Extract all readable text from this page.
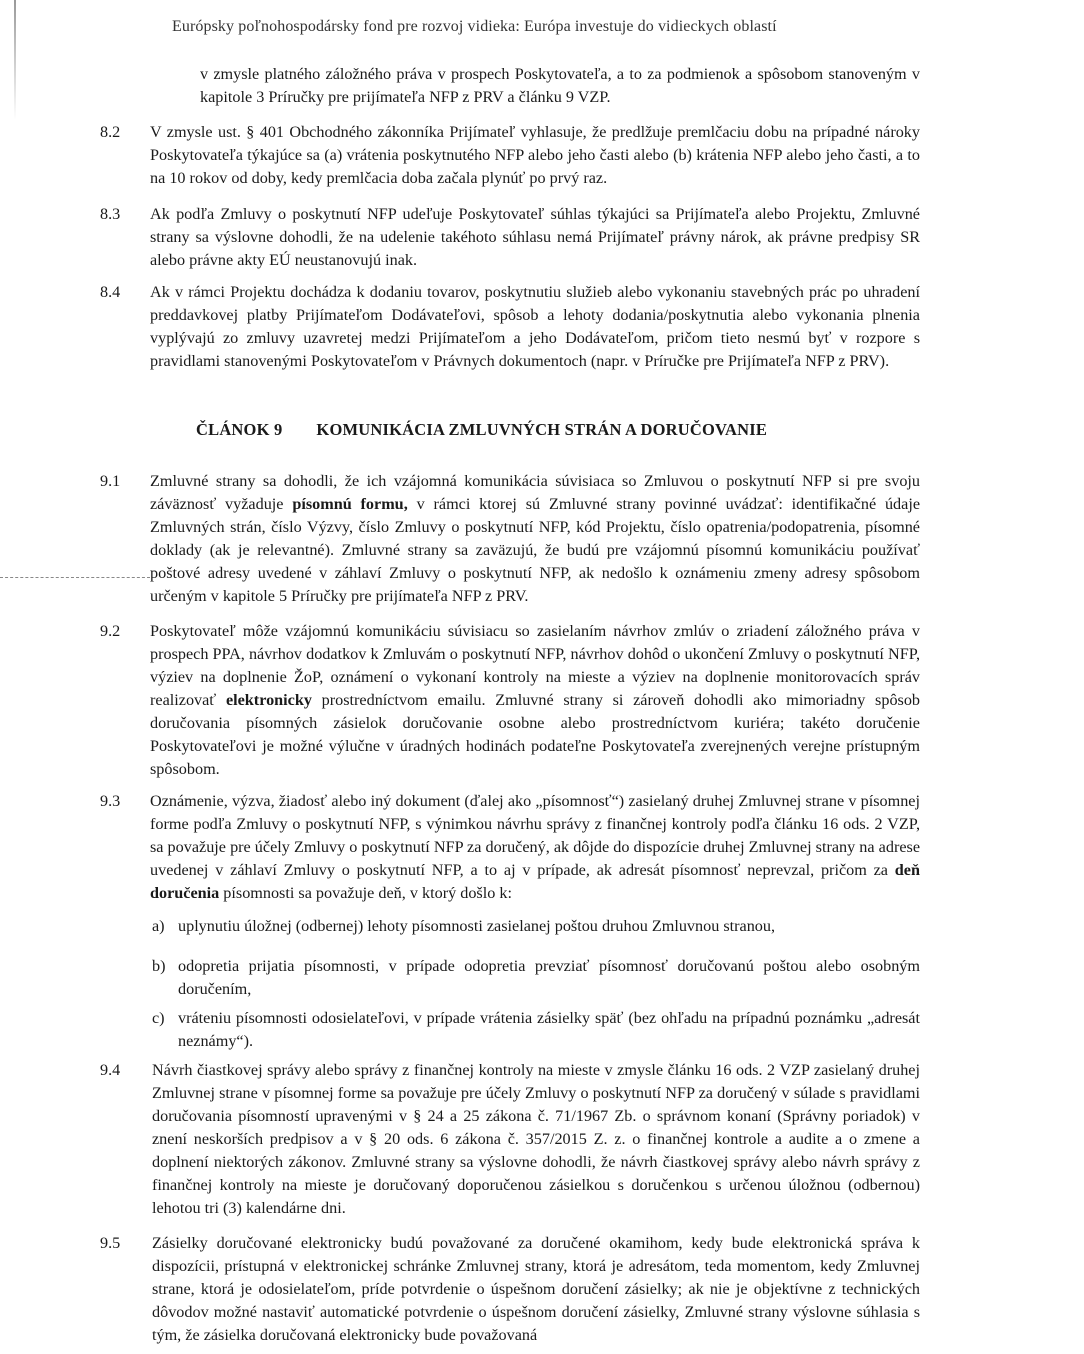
Európsky poľnohospodársky fond pre rozvoj vidieka: Európa investuje do vidieckych oblastí
v zmysle platného záložného práva v prospech Poskytovateľa, a to za podmienok a spôsobom stanoveným v kapitole 3 Príručky pre prijímateľa NFP z PRV a článku 9 VZP.
8.2 V zmysle ust. § 401 Obchodného zákonníka Prijímateľ vyhlasuje, že predlžuje premlčaciu dobu na prípadné nároky Poskytovateľa týkajúce sa (a) vrátenia poskytnutého NFP alebo jeho časti alebo (b) krátenia NFP alebo jeho časti, a to na 10 rokov od doby, kedy premlčacia doba začala plynúť po prvý raz.
8.3 Ak podľa Zmluvy o poskytnutí NFP udeľuje Poskytovateľ súhlas týkajúci sa Prijímateľa alebo Projektu, Zmluvné strany sa výslovne dohodli, že na udelenie takéhoto súhlasu nemá Prijímateľ právny nárok, ak právne predpisy SR alebo právne akty EÚ neustanovujú inak.
8.4 Ak v rámci Projektu dochádza k dodaniu tovarov, poskytnutiu služieb alebo vykonaniu stavebných prác po uhradení preddavkovej platby Prijímateľom Dodávateľovi, spôsob a lehoty dodania/poskytnutia alebo vykonania plnenia vyplývajú zo zmluvy uzavretej medzi Prijímateľom a jeho Dodávateľom, pričom tieto nesmú byť v rozpore s pravidlami stanovenými Poskytovateľom v Právnych dokumentoch (napr. v Príručke pre Prijímateľa NFP z PRV).
ČLÁNOK 9 KOMUNIKÁCIA ZMLUVNÝCH STRÁN A DORUČOVANIE
9.1 Zmluvné strany sa dohodli, že ich vzájomná komunikácia súvisiaca so Zmluvou o poskytnutí NFP si pre svoju záväznosť vyžaduje písomnú formu, v rámci ktorej sú Zmluvné strany povinné uvádzať: identifikačné údaje Zmluvných strán, číslo Výzvy, číslo Zmluvy o poskytnutí NFP, kód Projektu, číslo opatrenia/podopatrenia, písomné doklady (ak je relevantné). Zmluvné strany sa zaväzujú, že budú pre vzájomnú písomnú komunikáciu používať poštové adresy uvedené v záhlaví Zmluvy o poskytnutí NFP, ak nedošlo k oznámeniu zmeny adresy spôsobom určeným v kapitole 5 Príručky pre prijímateľa NFP z PRV.
9.2 Poskytovateľ môže vzájomnú komunikáciu súvisiacu so zasielaním návrhov zmlúv o zriadení záložného práva v prospech PPA, návrhov dodatkov k Zmluvám o poskytnutí NFP, návrhov dohôd o ukončení Zmluvy o poskytnutí NFP, výziev na doplnenie ŽoP, oznámení o vykonaní kontroly na mieste a výziev na doplnenie monitorovacích správ realizovať elektronicky prostredníctvom emailu. Zmluvné strany si zároveň dohodli ako mimoriadny spôsob doručovania písomných zásielok doručovanie osobne alebo prostredníctvom kuriéra; takéto doručenie Poskytovateľovi je možné výlučne v úradných hodinách podateľne Poskytovateľa zverejnených verejne prístupným spôsobom.
9.3 Oznámenie, výzva, žiadosť alebo iný dokument (ďalej ako „písomnosť“) zasielaný druhej Zmluvnej strane v písomnej forme podľa Zmluvy o poskytnutí NFP, s výnimkou návrhu správy z finančnej kontroly podľa článku 16 ods. 2 VZP, sa považuje pre účely Zmluvy o poskytnutí NFP za doručený, ak dôjde do dispozície druhej Zmluvnej strany na adrese uvedenej v záhlaví Zmluvy o poskytnutí NFP, a to aj v prípade, ak adresát písomnosť neprevzal, pričom za deň doručenia písomnosti sa považuje deň, v ktorý došlo k:
a) uplynutiu úložnej (odbernej) lehoty písomnosti zasielanej poštou druhou Zmluvnou stranou,
b) odopretia prijatia písomnosti, v prípade odopretia prevziať písomnosť doručovanú poštou alebo osobným doručením,
c) vráteniu písomnosti odosielateľovi, v prípade vrátenia zásielky späť (bez ohľadu na prípadnú poznámku „adresát neznámy“).
9.4 Návrh čiastkovej správy alebo správy z finančnej kontroly na mieste v zmysle článku 16 ods. 2 VZP zasielaný druhej Zmluvnej strane v písomnej forme sa považuje pre účely Zmluvy o poskytnutí NFP za doručený v súlade s pravidlami doručovania písomností upravenými v § 24 a 25 zákona č. 71/1967 Zb. o správnom konaní (Správny poriadok) v znení neskorších predpisov a v § 20 ods. 6 zákona č. 357/2015 Z. z. o finančnej kontrole a audite a o zmene a doplnení niektorých zákonov. Zmluvné strany sa výslovne dohodli, že návrh čiastkovej správy alebo návrh správy z finančnej kontroly na mieste je doručovaný doporučenou zásielkou s doručenkou s určenou úložnou (odbernou) lehotou tri (3) kalendárne dni.
9.5 Zásielky doručované elektronicky budú považované za doručené okamihom, kedy bude elektronická správa k dispozícii, prístupná v elektronickej schránke Zmluvnej strany, ktorá je adresátom, teda momentom, kedy Zmluvnej strane, ktorá je odosielateľom, príde potvrdenie o úspešnom doručení zásielky; ak nie je objektívne z technických dôvodov možné nastaviť automatické potvrdenie o úspešnom doručení zásielky, Zmluvné strany výslovne súhlasia s tým, že zásielka doručovaná elektronicky bude považovaná
